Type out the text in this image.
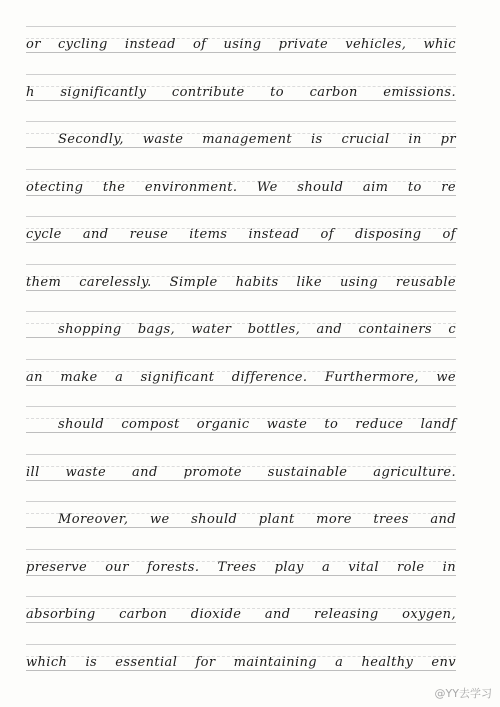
or cycling instead of using private vehicles, whic
h significantly contribute to carbon emissions.
Secondly, waste management is crucial in pr
otecting the environment. We should aim to re
cycle and reuse items instead of disposing of
them carelessly. Simple habits like using reusable
shopping bags, water bottles, and containers c
an make a significant difference. Furthermore, we
should compost organic waste to reduce landf
ill waste and promote sustainable agriculture.
Moreover, we should plant more trees and
preserve our forests. Trees play a vital role in
absorbing carbon dioxide and releasing oxygen,
which is essential for maintaining a healthy env
@YY去学习
